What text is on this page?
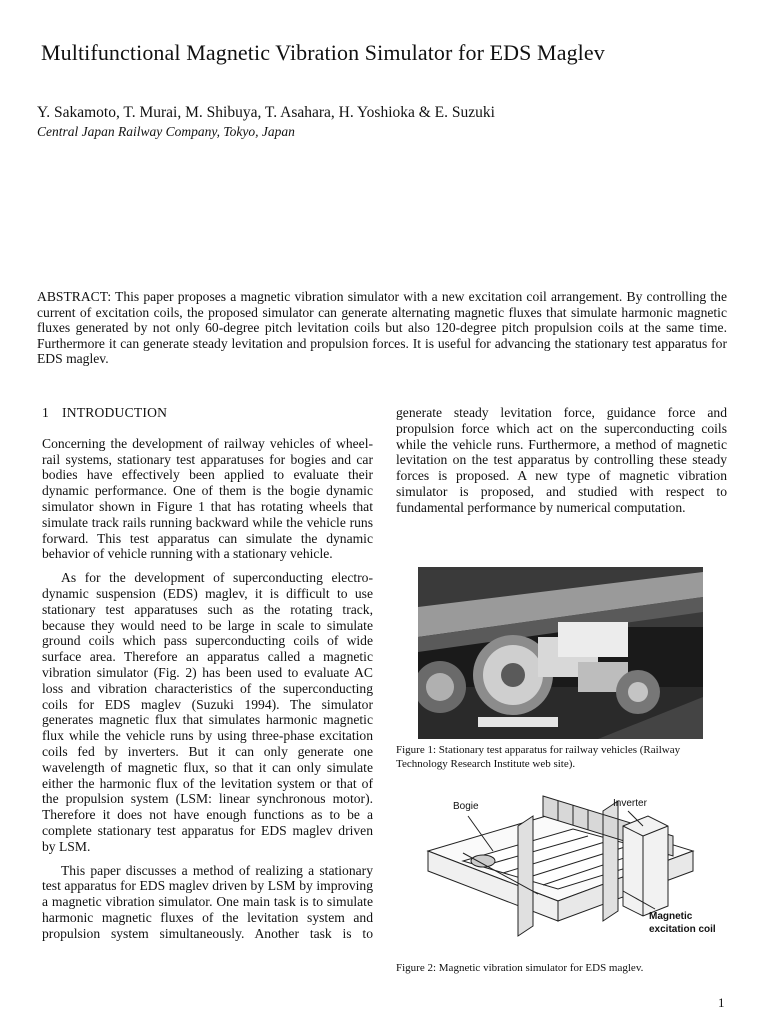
Multifunctional Magnetic Vibration Simulator for EDS Maglev
Y. Sakamoto, T. Murai, M. Shibuya, T. Asahara, H. Yoshioka & E. Suzuki
Central Japan Railway Company, Tokyo, Japan
ABSTRACT: This paper proposes a magnetic vibration simulator with a new excitation coil arrangement. By controlling the current of excitation coils, the proposed simulator can generate alternating magnetic fluxes that simulate harmonic magnetic fluxes generated by not only 60-degree pitch levitation coils but also 120-degree pitch propulsion coils at the same time. Furthermore it can generate steady levitation and propulsion forces. It is useful for advancing the stationary test apparatus for EDS maglev.
1 INTRODUCTION

Concerning the development of railway vehicles of wheel-rail systems, stationary test apparatuses for bogies and car bodies have effectively been applied to evaluate their dynamic performance. One of them is the bogie dynamic simulator shown in Figure 1 that has rotating wheels that simulate track rails running backward while the vehicle runs forward. This test apparatus can simulate the dynamic behavior of vehicle running with a stationary vehicle.

As for the development of superconducting electro-dynamic suspension (EDS) maglev, it is difficult to use stationary test apparatuses such as the rotating track, because they would need to be large in scale to simulate ground coils which pass superconducting coils of wide surface area. Therefore an apparatus called a magnetic vibration simulator (Fig. 2) has been used to evaluate AC loss and vibration characteristics of the superconducting coils for EDS maglev (Suzuki 1994). The simulator generates magnetic flux that simulates harmonic magnetic flux while the vehicle runs by using three-phase excitation coils fed by inverters. But it can only generate one wavelength of magnetic flux, so that it can only simulate either the harmonic flux of the levitation system or that of the propulsion system (LSM: linear synchronous motor). Therefore it does not have enough functions as to be a complete stationary test apparatus for EDS maglev driven by LSM.

This paper discusses a method of realizing a stationary test apparatus for EDS maglev driven by LSM by improving a magnetic vibration simulator. One main task is to simulate harmonic magnetic fluxes of the levitation system and propulsion system simultaneously. Another task is to

generate steady levitation force, guidance force and propulsion force which act on the superconducting coils while the vehicle runs. Furthermore, a method of magnetic levitation on the test apparatus by controlling these steady forces is proposed. A new type of magnetic vibration simulator is proposed, and studied with respect to fundamental performance by numerical computation.

Figure 1: Stationary test apparatus for railway vehicles (Railway Technology Research Institute web site).
Bogie	Inverter
Magnetic
excitation coil
Figure 2: Magnetic vibration simulator for EDS maglev.
1
